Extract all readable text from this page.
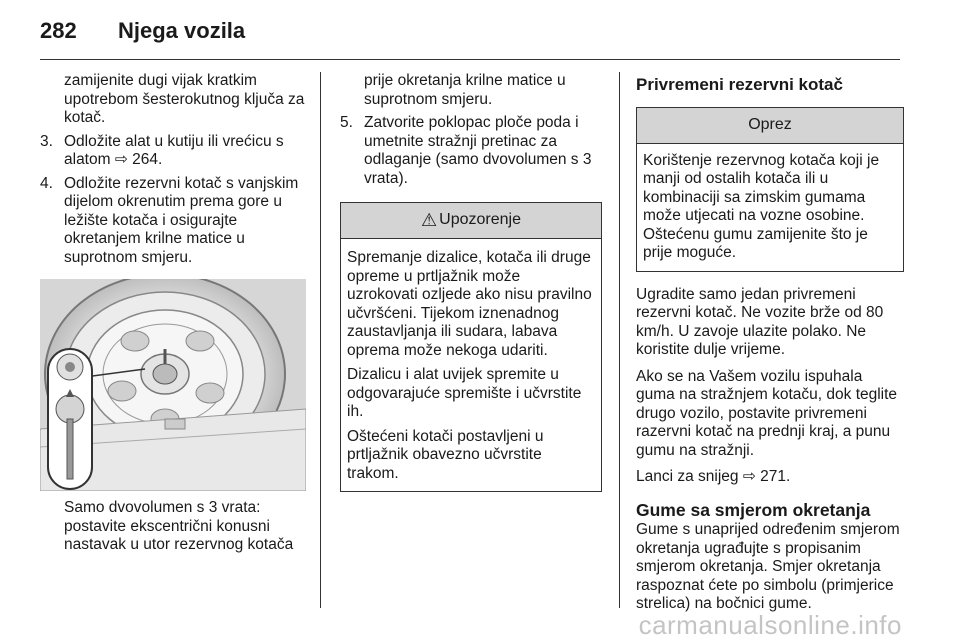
282 Njega vozila
zamijenite dugi vijak kratkim upotrebom šesterokutnog ključa za kotač.
3. Odložite alat u kutiju ili vrećicu s alatom ⇨ 264.
4. Odložite rezervni kotač s vanjskim dijelom okrenutim prema gore u ležište kotača i osigurajte okretanjem krilne matice u suprotnom smjeru.
Samo dvovolumen s 3 vrata: postavite ekscentrični konusni nastavak u utor rezervnog kotača
prije okretanja krilne matice u suprotnom smjeru.
5. Zatvorite poklopac ploče poda i umetnite stražnji pretinac za odlaganje (samo dvovolumen s 3 vrata).
⚠ Upozorenje

Spremanje dizalice, kotača ili druge opreme u prtljažnik može uzrokovati ozljede ako nisu pravilno učvršćeni. Tijekom iznenadnog zaustavljanja ili sudara, labava oprema može nekoga udariti.

Dizalicu i alat uvijek spremite u odgovarajuće spremište i učvrstite ih.

Oštećeni kotači postavljeni u prtljažnik obavezno učvrstite trakom.

Privremeni rezervni kotač
Oprez
Korištenje rezervnog kotača koji je manji od ostalih kotača ili u kombinaciji sa zimskim gumama može utjecati na vozne osobine. Oštećenu gumu zamijenite što je prije moguće.

Ugradite samo jedan privremeni rezervni kotač. Ne vozite brže od 80 km/h. U zavoje ulazite polako. Ne koristite dulje vrijeme.

Ako se na Vašem vozilu ispuhala guma na stražnjem kotaču, dok teglite drugo vozilo, postavite privremeni razervni kotač na prednji kraj, a punu gumu na stražnji.

Lanci za snijeg ⇨ 271.

Gume sa smjerom okretanja

Gume s unaprijed određenim smjerom okretanja ugrađujte s propisanim smjerom okretanja. Smjer okretanja raspoznat ćete po simbolu (primjerice strelica) na bočnici gume.

carmanualsonline.info
